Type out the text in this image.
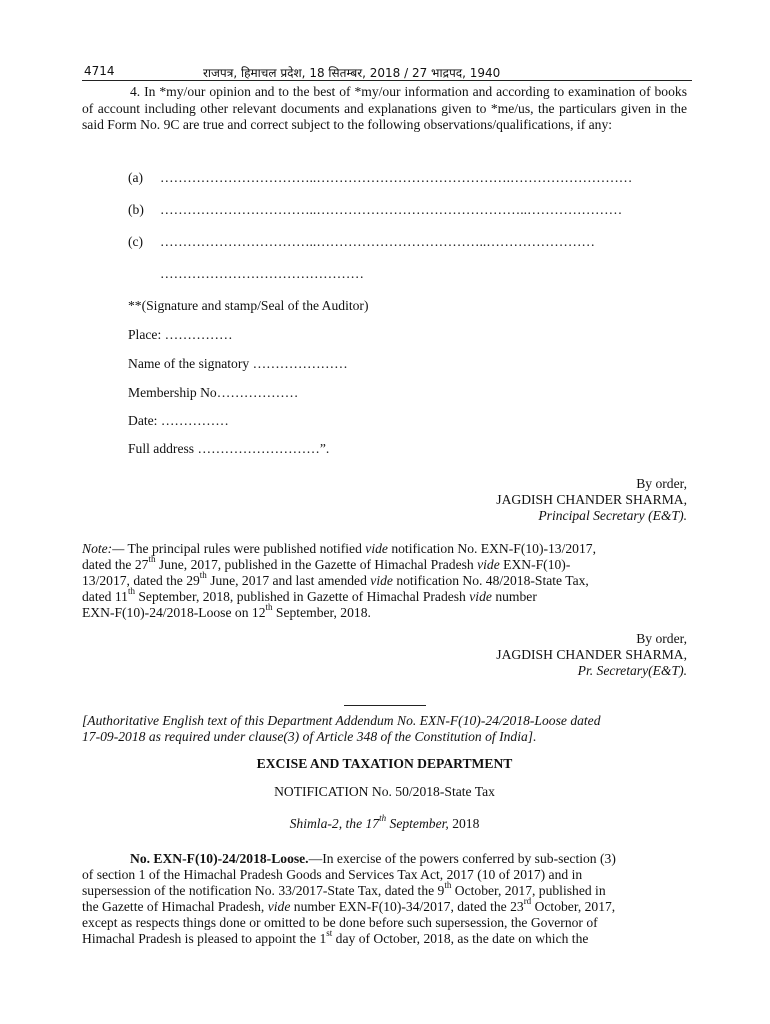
4714	राजपत्र, हिमाचल प्रदेश, 18 सितम्बर, 2018 / 27 भाद्रपद, 1940
4. In *my/our opinion and to the best of *my/our information and according to examination of books of account including other relevant documents and explanations given to *me/us, the particulars given in the said Form No. 9C are true and correct subject to the following observations/qualifications, if any:
(a) ……………………………..…………………………………….………………………
(b) ……………………………..………………………………………..…………………
(c) ……………………………..………………………………..……………………
………………………………………
**(Signature and stamp/Seal of the Auditor)
Place: ……………
Name of the signatory …………………
Membership No………………
Date: ……………
Full address ………………………”.
By order,
JAGDISH CHANDER SHARMA,
Principal Secretary (E&T).
Note:— The principal rules were published notified vide notification No. EXN-F(10)-13/2017,
dated the 27th June, 2017, published in the Gazette of Himachal Pradesh vide EXN-F(10)-
13/2017, dated the 29th June, 2017 and last amended vide notification No. 48/2018-State Tax,
dated 11th September, 2018, published in Gazette of Himachal Pradesh vide number
EXN-F(10)-24/2018-Loose on 12th September, 2018.
By order,
JAGDISH CHANDER SHARMA,
Pr. Secretary(E&T).
[Authoritative English text of this Department Addendum No. EXN-F(10)-24/2018-Loose dated
17-09-2018 as required under clause(3) of Article 348 of the Constitution of India].
EXCISE AND TAXATION DEPARTMENT
NOTIFICATION No. 50/2018-State Tax
Shimla-2, the 17th September, 2018
No. EXN-F(10)-24/2018-Loose.—In exercise of the powers conferred by sub-section (3)
of section 1 of the Himachal Pradesh Goods and Services Tax Act, 2017 (10 of 2017) and in
supersession of the notification No. 33/2017-State Tax, dated the 9th October, 2017, published in
the Gazette of Himachal Pradesh, vide number EXN-F(10)-34/2017, dated the 23rd October, 2017,
except as respects things done or omitted to be done before such supersession, the Governor of
Himachal Pradesh is pleased to appoint the 1st day of October, 2018, as the date on which the
